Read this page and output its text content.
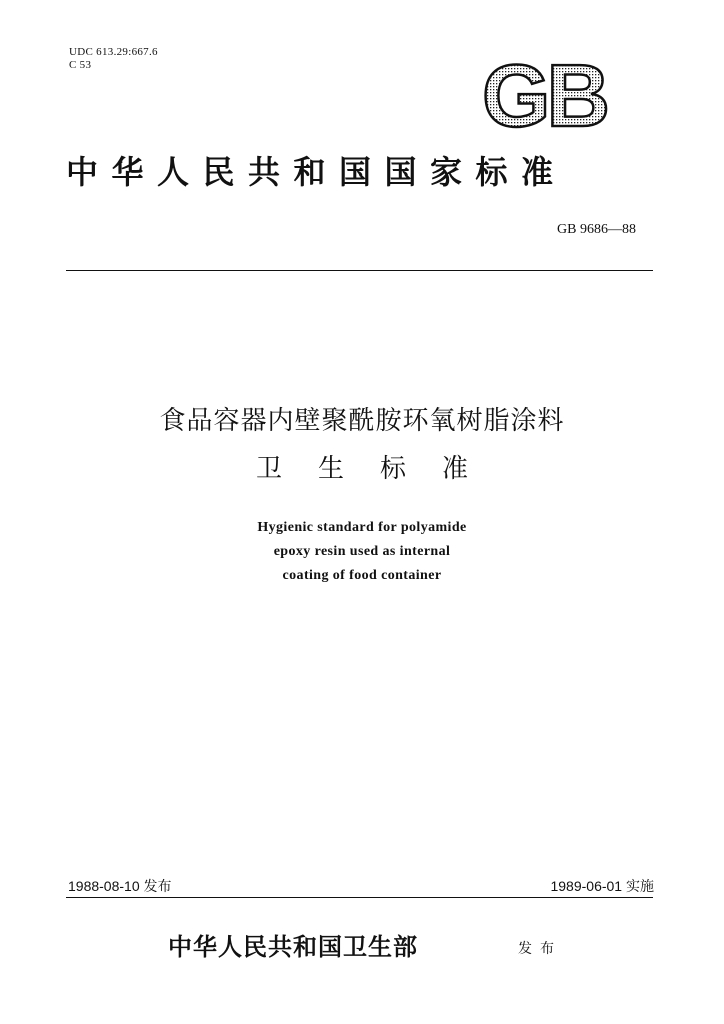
UDC 613.29:667.6
C 53	GB
中华人民共和国国家标准
GB 9686—88
食品容器内壁聚酰胺环氧树脂涂料
卫生标准
Hygienic standard for polyamide
epoxy resin used as internal
coating of food container
1988-08-10 发布	1989-06-01 实施
中华人民共和国卫生部	发布
